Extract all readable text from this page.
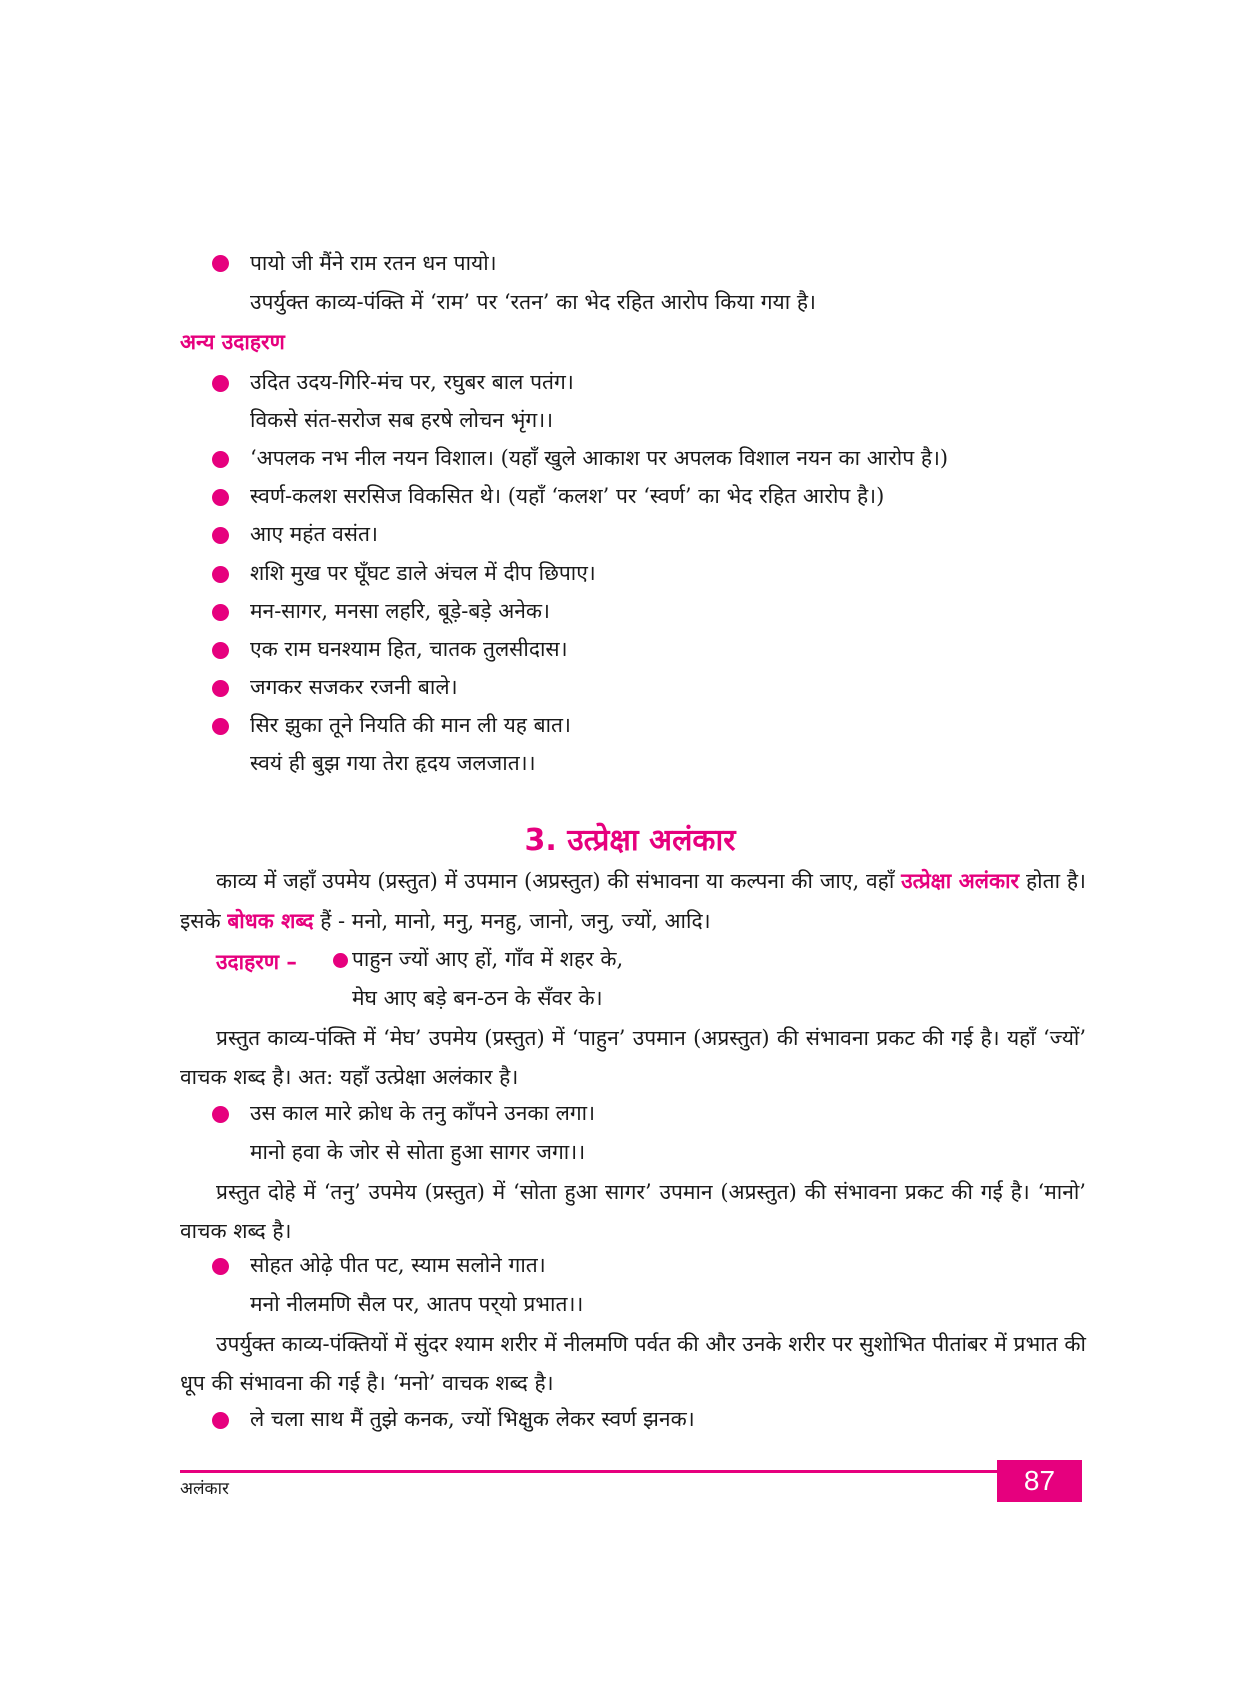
पायो जी मैंने राम रतन धन पायो।
उपर्युक्त काव्य-पंक्ति में ‘राम’ पर ‘रतन’ का भेद रहित आरोप किया गया है।
अन्य उदाहरण
उदित उदय-गिरि-मंच पर, रघुबर बाल पतंग।
विकसे संत-सरोज सब हरषे लोचन भृंग।।
‘अपलक नभ नील नयन विशाल। (यहाँ खुले आकाश पर अपलक विशाल नयन का आरोप है।)
स्वर्ण-कलश सरसिज विकसित थे। (यहाँ ‘कलश’ पर ‘स्वर्ण’ का भेद रहित आरोप है।)
आए महंत वसंत।
शशि मुख पर घूँघट डाले अंचल में दीप छिपाए।
मन-सागर, मनसा लहरि, बूड़े-बड़े अनेक।
एक राम घनश्याम हित, चातक तुलसीदास।
जगकर सजकर रजनी बाले।
सिर झुका तूने नियति की मान ली यह बात।
स्वयं ही बुझ गया तेरा हृदय जलजात।।
3. उत्प्रेक्षा अलंकार
काव्य में जहाँ उपमेय (प्रस्तुत) में उपमान (अप्रस्तुत) की संभावना या कल्पना की जाए, वहाँ उत्प्रेक्षा अलंकार होता है। इसके बोधक शब्द हैं - मनो, मानो, मनु, मनहु, जानो, जनु, ज्यों, आदि।
उदाहरण –	पाहुन ज्यों आए हों, गाँव में शहर के,
मेघ आए बड़े बन-ठन के सँवर के।
प्रस्तुत काव्य-पंक्ति में ‘मेघ’ उपमेय (प्रस्तुत) में ‘पाहुन’ उपमान (अप्रस्तुत) की संभावना प्रकट की गई है। यहाँ ‘ज्यों’ वाचक शब्द है। अत: यहाँ उत्प्रेक्षा अलंकार है।
उस काल मारे क्रोध के तनु काँपने उनका लगा।
मानो हवा के जोर से सोता हुआ सागर जगा।।
प्रस्तुत दोहे में ‘तनु’ उपमेय (प्रस्तुत) में ‘सोता हुआ सागर’ उपमान (अप्रस्तुत) की संभावना प्रकट की गई है। ‘मानो’ वाचक शब्द है।
सोहत ओढ़े पीत पट, स्याम सलोने गात।
मनो नीलमणि सैल पर, आतप पर्‌यो प्रभात।।
उपर्युक्त काव्य-पंक्तियों में सुंदर श्याम शरीर में नीलमणि पर्वत की और उनके शरीर पर सुशोभित पीतांबर में प्रभात की धूप की संभावना की गई है। ‘मनो’ वाचक शब्द है।
ले चला साथ मैं तुझे कनक, ज्यों भिक्षुक लेकर स्वर्ण झनक।
अलंकार	87
